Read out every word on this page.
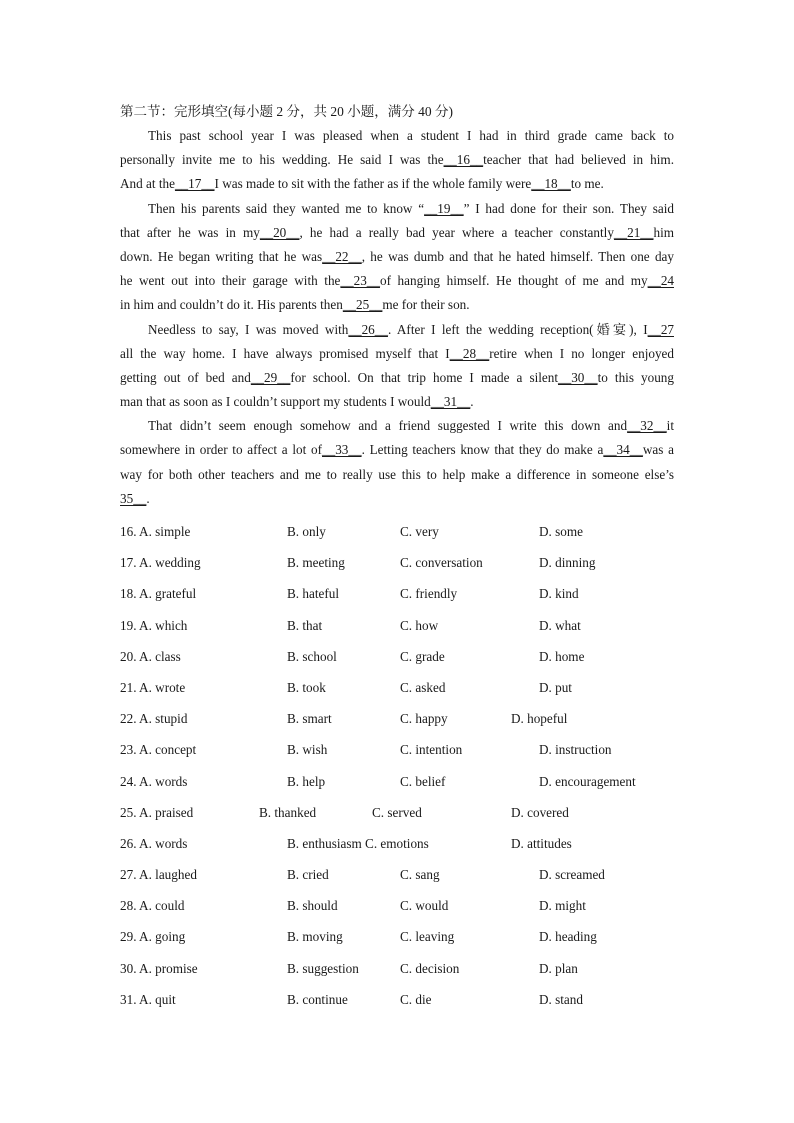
第二节：完形填空(每小题 2 分，共 20 小题，满分 40 分)
This past school year I was pleased when a student I had in third grade came back to
personally invite me to his wedding. He said I was the__16__teacher that had believed in him.
And at the__17__I was made to sit with the father as if the whole family were__18__to me.
Then his parents said they wanted me to know “__19__” I had done for their son. They said
that after he was in my__20__, he had a really bad year where a teacher constantly__21__him
down. He began writing that he was__22__, he was dumb and that he hated himself. Then one day
he went out into their garage with the__23__of hanging himself. He thought of me and my__24
in him and couldn’t do it. His parents then__25__me for their son.
Needless to say, I was moved with__26__. After I left the wedding reception(婚宴), I__27
all the way home. I have always promised myself that I__28__retire when I no longer enjoyed
getting out of bed and__29__for school. On that trip home I made a silent__30__to this young
man that as soon as I couldn’t support my students I would__31__.
That didn’t seem enough somehow and a friend suggested I write this down and__32__it
somewhere in order to affect a lot of__33__. Letting teachers know that they do make a__34__was a
way for both other teachers and me to really use this to help make a difference in someone else’s
35__.
16. A. simple	B. only	C. very	D. some
17. A. wedding	B. meeting	C. conversation	D. dinning
18. A. grateful	B. hateful	C. friendly	D. kind
19. A. which	B. that	C. how	D. what
20. A. class	B. school	C. grade	D. home
21. A. wrote	B. took	C. asked	D. put
22. A. stupid	B. smart	C. happy	D. hopeful
23. A. concept	B. wish	C. intention	D. instruction
24. A. words	B. help	C. belief	D. encouragement
25. A. praised	B. thanked	C. served	D. covered
26. A. words	B. enthusiasm C. emotions	D. attitudes
27. A. laughed	B. cried	C. sang	D. screamed
28. A. could	B. should	C. would	D. might
29. A. going	B. moving	C. leaving	D. heading
30. A. promise	B. suggestion	C. decision	D. plan
31. A. quit	B. continue	C. die	D. stand
